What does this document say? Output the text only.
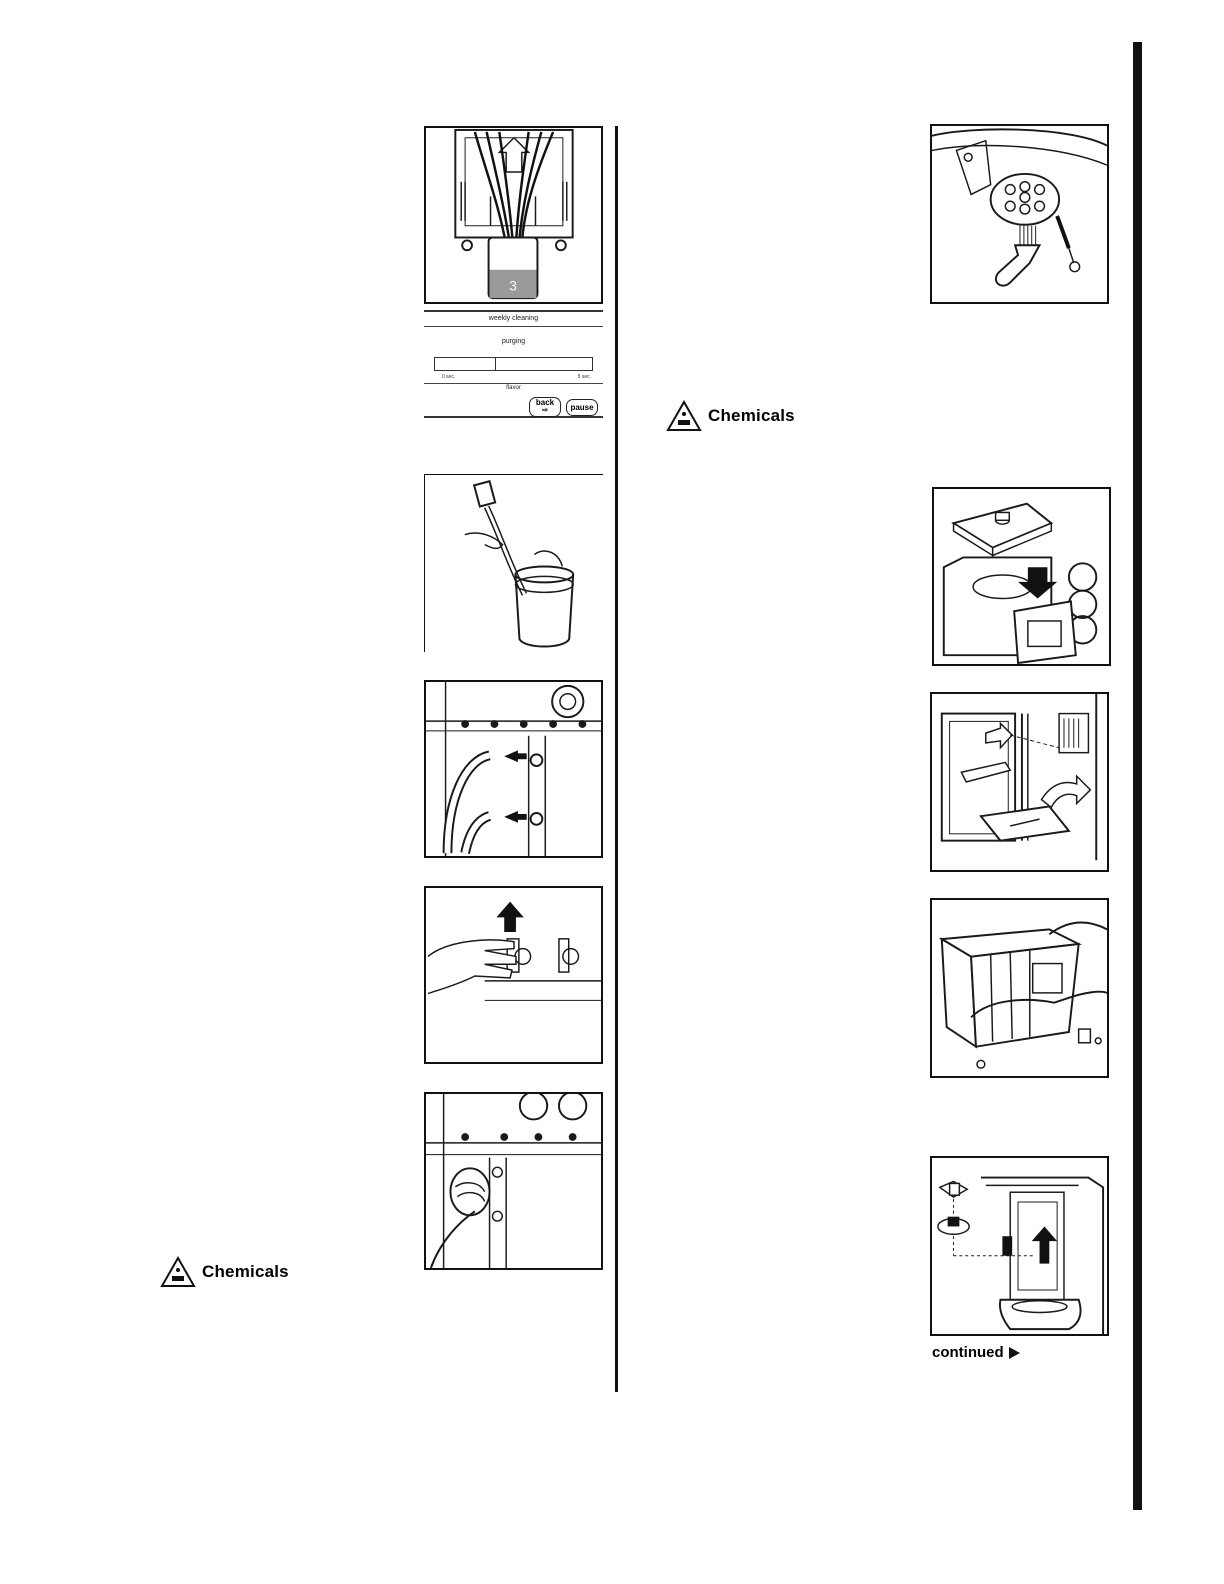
3
weekly cleaning
purging
0 sec.	5 sec.
flavor
back
⇨	pause
Chemicals
Chemicals
continued
